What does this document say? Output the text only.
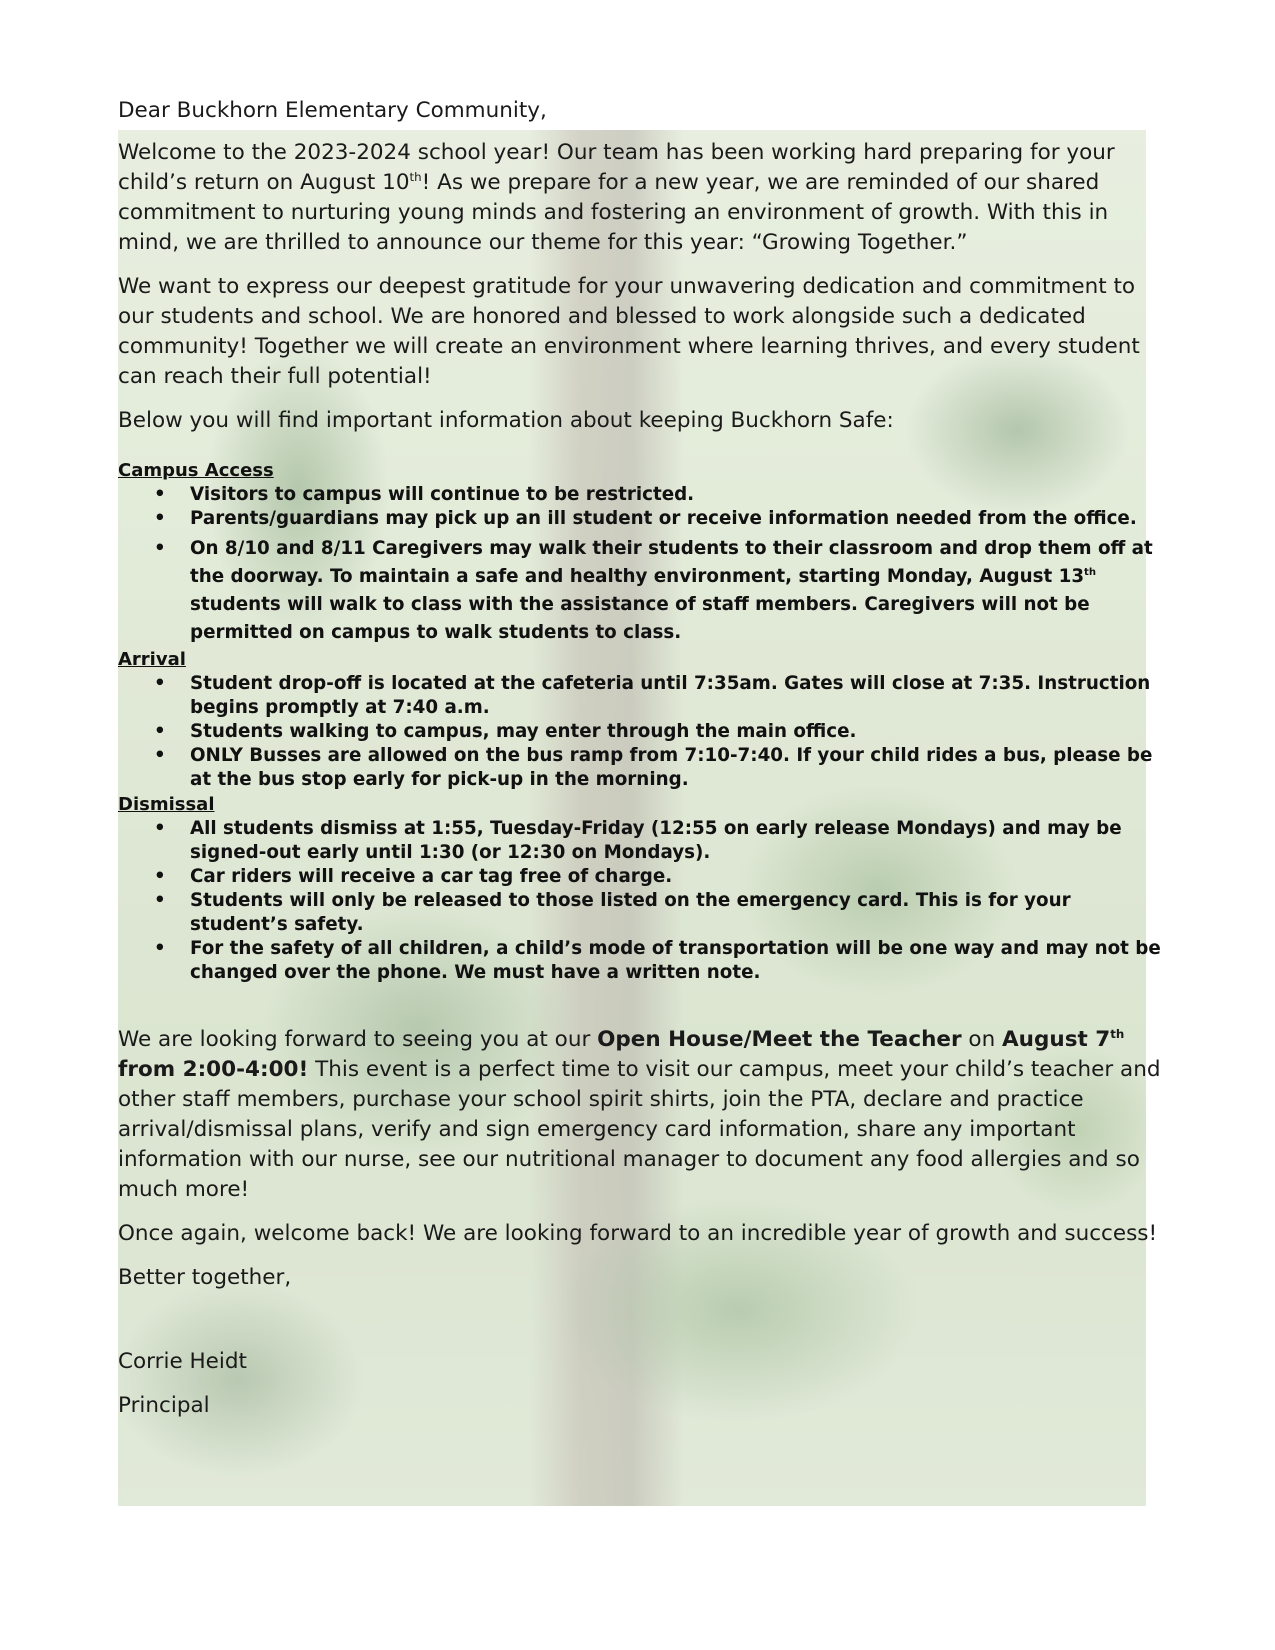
Dear Buckhorn Elementary Community,

Welcome to the 2023-2024 school year! Our team has been working hard preparing for your child’s return on August 10th! As we prepare for a new year, we are reminded of our shared commitment to nurturing young minds and fostering an environment of growth. With this in mind, we are thrilled to announce our theme for this year: “Growing Together.”

We want to express our deepest gratitude for your unwavering dedication and commitment to our students and school. We are honored and blessed to work alongside such a dedicated community! Together we will create an environment where learning thrives, and every student can reach their full potential!

Below you will find important information about keeping Buckhorn Safe:

Campus Access
• Visitors to campus will continue to be restricted.
• Parents/guardians may pick up an ill student or receive information needed from the office.
• On 8/10 and 8/11 Caregivers may walk their students to their classroom and drop them off at the doorway. To maintain a safe and healthy environment, starting Monday, August 13th students will walk to class with the assistance of staff members. Caregivers will not be permitted on campus to walk students to class.
Arrival
• Student drop-off is located at the cafeteria until 7:35am. Gates will close at 7:35. Instruction begins promptly at 7:40 a.m.
• Students walking to campus, may enter through the main office.
• ONLY Busses are allowed on the bus ramp from 7:10-7:40. If your child rides a bus, please be at the bus stop early for pick-up in the morning.
Dismissal
• All students dismiss at 1:55, Tuesday-Friday (12:55 on early release Mondays) and may be signed-out early until 1:30 (or 12:30 on Mondays).
• Car riders will receive a car tag free of charge.
• Students will only be released to those listed on the emergency card. This is for your student’s safety.
• For the safety of all children, a child’s mode of transportation will be one way and may not be changed over the phone. We must have a written note.

We are looking forward to seeing you at our Open House/Meet the Teacher on August 7th from 2:00-4:00! This event is a perfect time to visit our campus, meet your child’s teacher and other staff members, purchase your school spirit shirts, join the PTA, declare and practice arrival/dismissal plans, verify and sign emergency card information, share any important information with our nurse, see our nutritional manager to document any food allergies and so much more!

Once again, welcome back! We are looking forward to an incredible year of growth and success!

Better together,

Corrie Heidt

Principal
